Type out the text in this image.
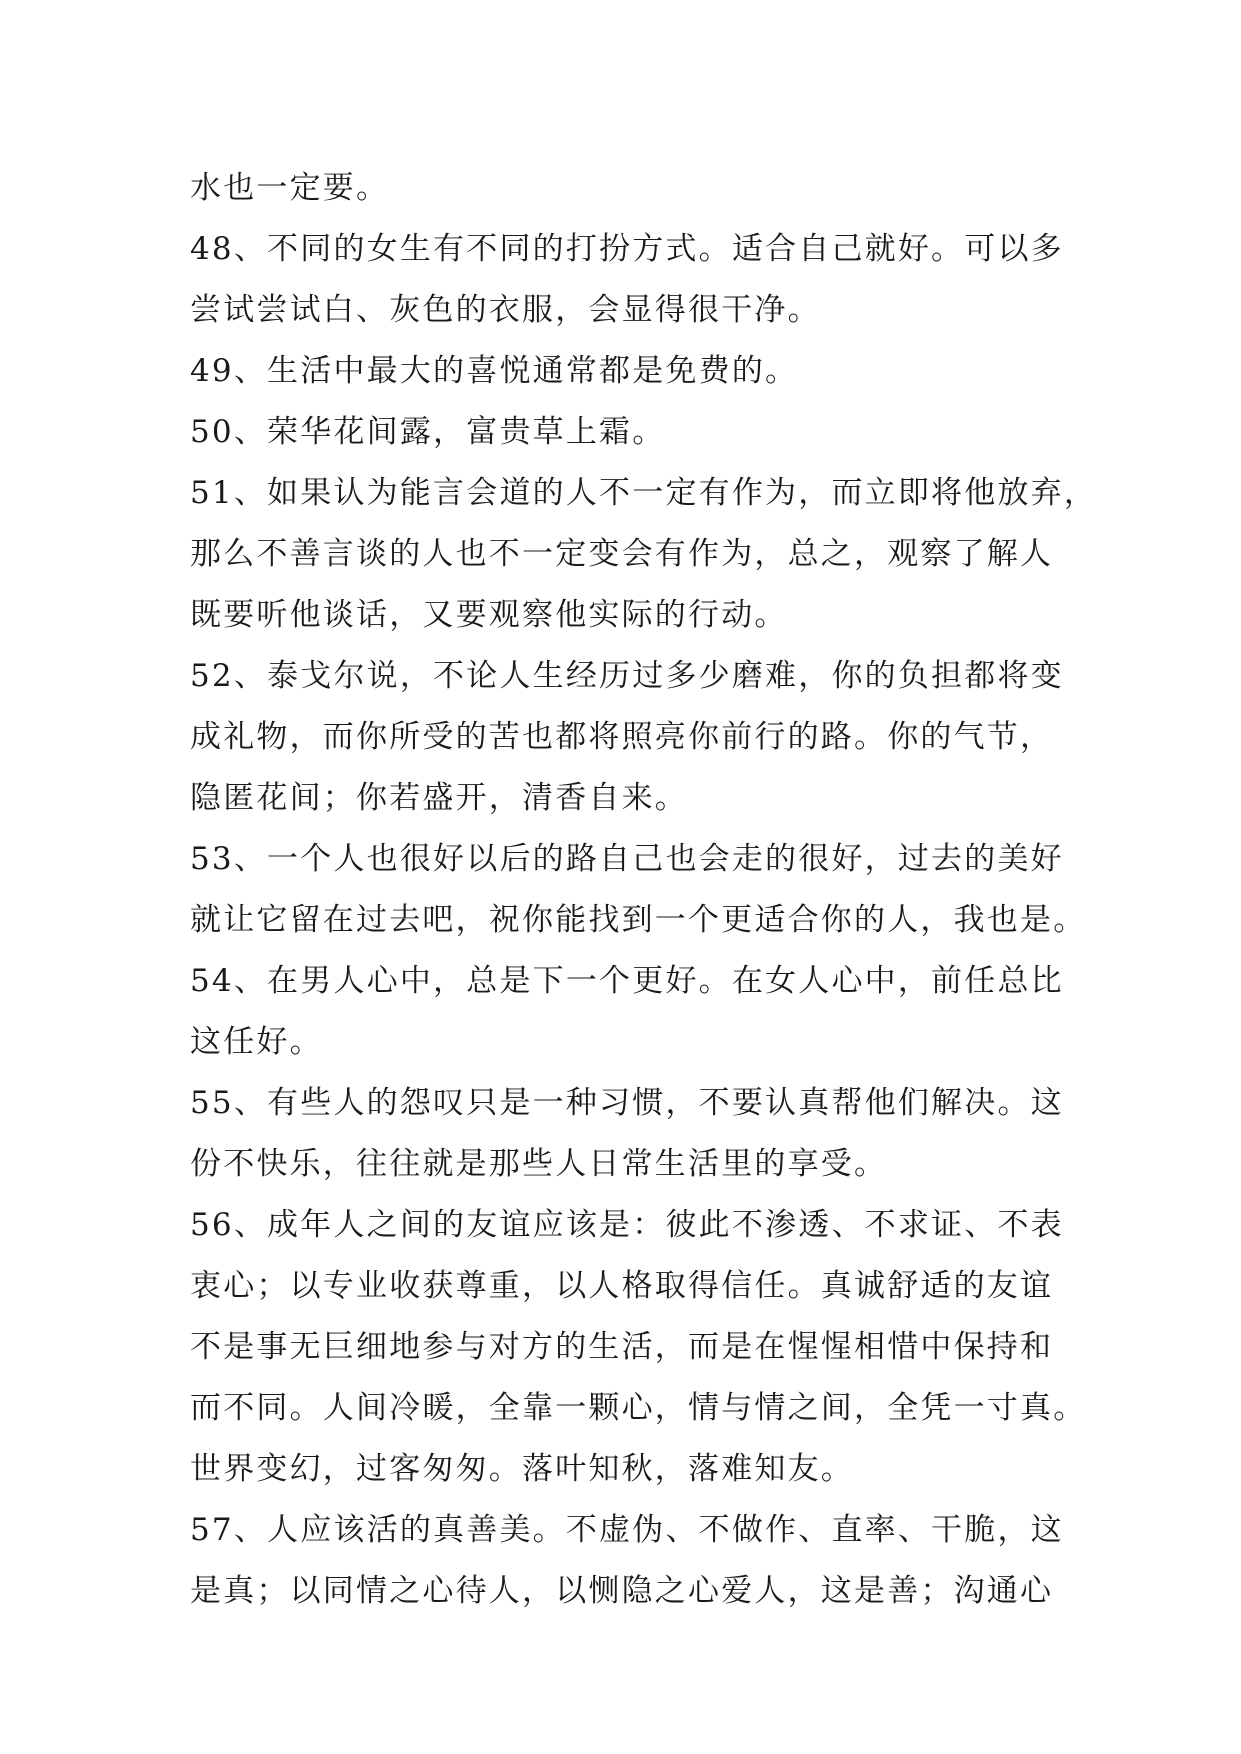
水也一定要。
48、不同的女生有不同的打扮方式。适合自己就好。可以多
尝试尝试白、灰色的衣服，会显得很干净。
49、生活中最大的喜悦通常都是免费的。
50、荣华花间露，富贵草上霜。
51、如果认为能言会道的人不一定有作为，而立即将他放弃，
那么不善言谈的人也不一定变会有作为，总之，观察了解人
既要听他谈话，又要观察他实际的行动。
52、泰戈尔说，不论人生经历过多少磨难，你的负担都将变
成礼物，而你所受的苦也都将照亮你前行的路。你的气节，
隐匿花间；你若盛开，清香自来。
53、一个人也很好以后的路自己也会走的很好，过去的美好
就让它留在过去吧，祝你能找到一个更适合你的人，我也是。
54、在男人心中，总是下一个更好。在女人心中，前任总比
这任好。
55、有些人的怨叹只是一种习惯，不要认真帮他们解决。这
份不快乐，往往就是那些人日常生活里的享受。
56、成年人之间的友谊应该是：彼此不渗透、不求证、不表
衷心；以专业收获尊重，以人格取得信任。真诚舒适的友谊
不是事无巨细地参与对方的生活，而是在惺惺相惜中保持和
而不同。人间冷暖，全靠一颗心，情与情之间，全凭一寸真。
世界变幻，过客匆匆。落叶知秋，落难知友。
57、人应该活的真善美。不虚伪、不做作、直率、干脆，这
是真；以同情之心待人，以恻隐之心爱人，这是善；沟通心
